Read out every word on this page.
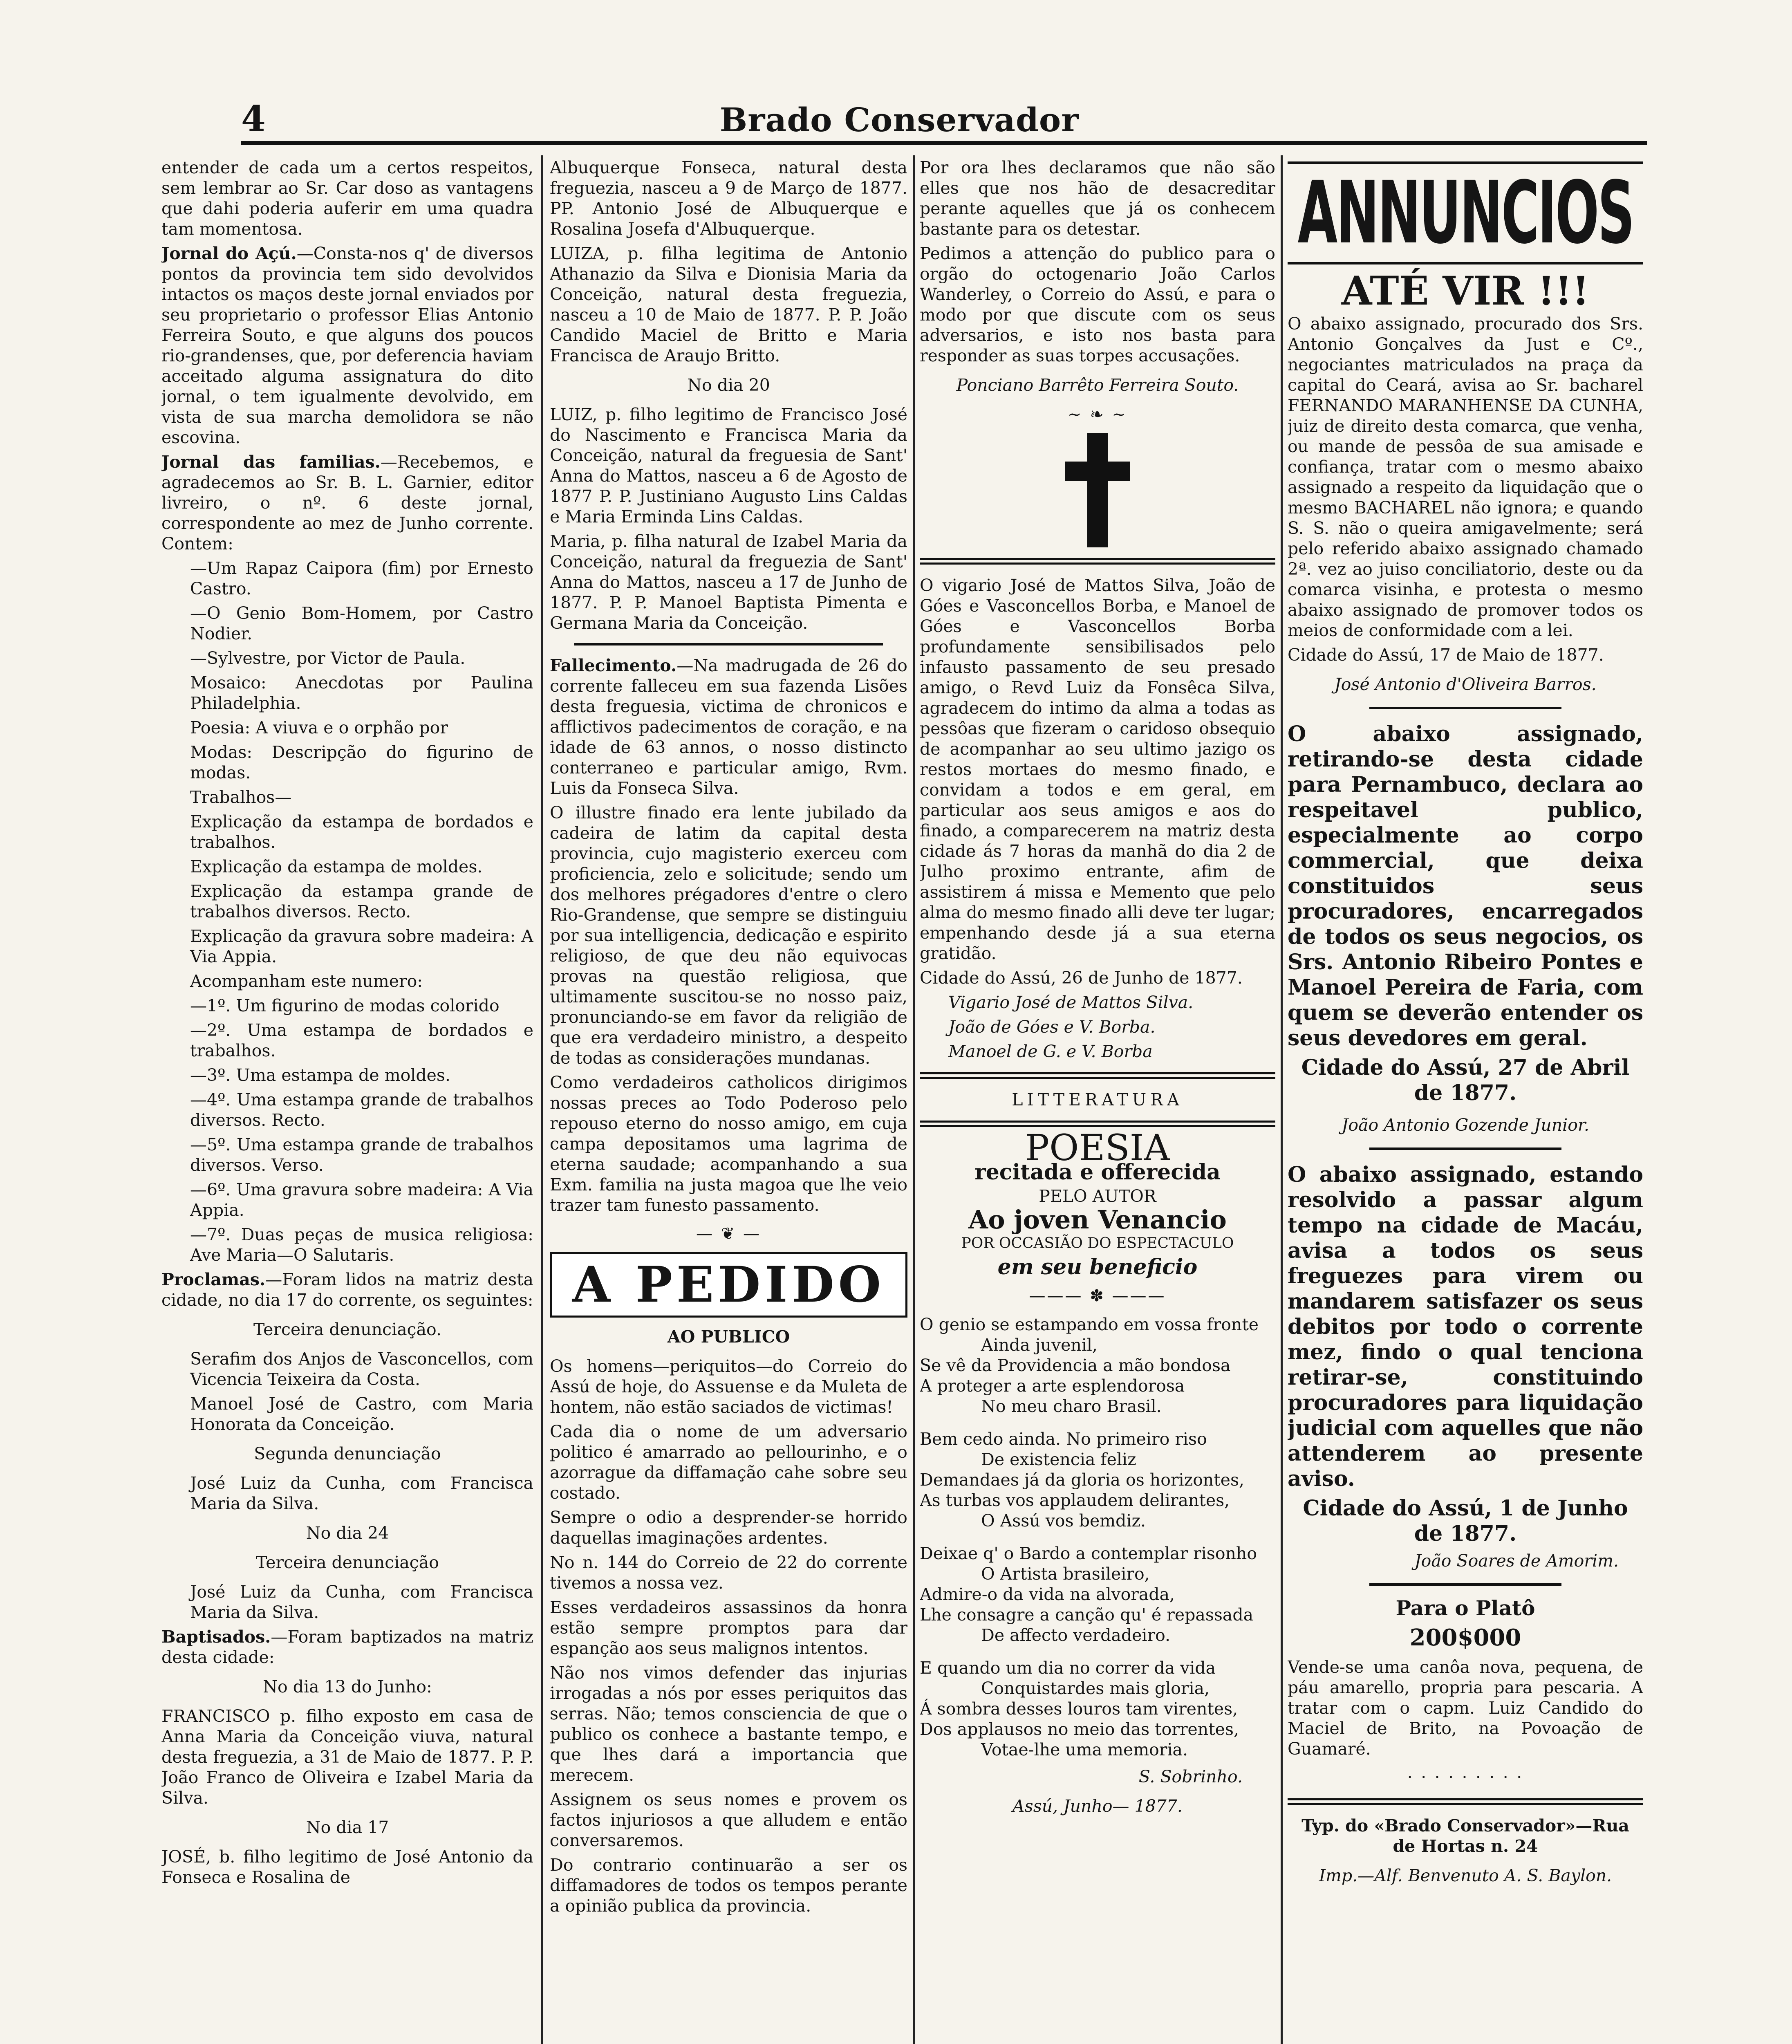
4	Brado Conservador

entender de cada um a certos respeitos, sem lembrar ao Sr. Car doso as vantagens que dahi poderia auferir em uma quadra tam momentosa.

Jornal do Açú.—Consta-nos q' de diversos pontos da provincia tem sido devolvidos intactos os maços deste jornal enviados por seu proprietario o professor Elias Antonio Ferreira Souto, e que alguns dos poucos rio-grandenses, que, por deferencia haviam acceitado alguma assignatura do dito jornal, o tem igualmente devolvido, em vista de sua marcha demolidora se não escovina.

Jornal das familias.—Recebemos, e agradecemos ao Sr. B. L. Garnier, editor livreiro, o nº. 6 deste jornal, correspondente ao mez de Junho corrente. Contem:

—Um Rapaz Caipora (fim) por Ernesto Castro.

—O Genio Bom-Homem, por Castro Nodier.

—Sylvestre, por Victor de Paula.

Mosaico: Anecdotas por Paulina Philadelphia.

Poesia: A viuva e o orphão por

Modas: Descripção do figurino de modas.

Trabalhos—

Explicação da estampa de bordados e trabalhos.

Explicação da estampa de moldes.

Explicação da estampa grande de trabalhos diversos. Recto.

Explicação da gravura sobre madeira: A Via Appia.

Acompanham este numero:

—1º. Um figurino de modas colorido

—2º. Uma estampa de bordados e trabalhos.

—3º. Uma estampa de moldes.

—4º. Uma estampa grande de trabalhos diversos. Recto.

—5º. Uma estampa grande de trabalhos diversos. Verso.

—6º. Uma gravura sobre madeira: A Via Appia.

—7º. Duas peças de musica religiosa: Ave Maria—O Salutaris.

Proclamas.—Foram lidos na matriz desta cidade, no dia 17 do corrente, os seguintes:

Terceira denunciação.

Serafim dos Anjos de Vasconcellos, com Vicencia Teixeira da Costa.

Manoel José de Castro, com Maria Honorata da Conceição.

Segunda denunciação

José Luiz da Cunha, com Francisca Maria da Silva.

No dia 24

Terceira denunciação

José Luiz da Cunha, com Francisca Maria da Silva.

Baptisados.—Foram baptizados na matriz desta cidade:

No dia 13 do Junho:

FRANCISCO p. filho exposto em casa de Anna Maria da Conceição viuva, natural desta freguezia, a 31 de Maio de 1877. P. P. João Franco de Oliveira e Izabel Maria da Silva.

No dia 17

JOSÉ, b. filho legitimo de José Antonio da Fonseca e Rosalina de

Albuquerque Fonseca, natural desta freguezia, nasceu a 9 de Março de 1877. PP. Antonio José de Albuquerque e Rosalina Josefa d'Albuquerque.

LUIZA, p. filha legitima de Antonio Athanazio da Silva e Dionisia Maria da Conceição, natural desta freguezia, nasceu a 10 de Maio de 1877. P. P. João Candido Maciel de Britto e Maria Francisca de Araujo Britto.

No dia 20

LUIZ, p. filho legitimo de Francisco José do Nascimento e Francisca Maria da Conceição, natural da freguesia de Sant' Anna do Mattos, nasceu a 6 de Agosto de 1877 P. P. Justiniano Augusto Lins Caldas e Maria Erminda Lins Caldas.

Maria, p. filha natural de Izabel Maria da Conceição, natural da freguezia de Sant' Anna do Mattos, nasceu a 17 de Junho de 1877. P. P. Manoel Baptista Pimenta e Germana Maria da Conceição.

Fallecimento.—Na madrugada de 26 do corrente falleceu em sua fazenda Lisões desta freguesia, victima de chronicos e afflictivos padecimentos de coração, e na idade de 63 annos, o nosso distincto conterraneo e particular amigo, Rvm. Luis da Fonseca Silva.

O illustre finado era lente jubilado da cadeira de latim da capital desta provincia, cujo magisterio exerceu com proficiencia, zelo e solicitude; sendo um dos melhores prégadores d'entre o clero Rio-Grandense, que sempre se distinguiu por sua intelligencia, dedicação e espirito religioso, de que deu não equivocas provas na questão religiosa, que ultimamente suscitou-se no nosso paiz, pronunciando-se em favor da religião de que era verdadeiro ministro, a despeito de todas as considerações mundanas.

Como verdadeiros catholicos dirigimos nossas preces ao Todo Poderoso pelo repouso eterno do nosso amigo, em cuja campa depositamos uma lagrima de eterna saudade; acompanhando a sua Exm. familia na justa magoa que lhe veio trazer tam funesto passamento.

— ❦ —
A PEDIDO

AO PUBLICO

Os homens—periquitos—do Correio do Assú de hoje, do Assuense e da Muleta de hontem, não estão saciados de victimas!

Cada dia o nome de um adversario politico é amarrado ao pellourinho, e o azorrague da diffamação cahe sobre seu costado.

Sempre o odio a desprender-se horrido daquellas imaginações ardentes.

No n. 144 do Correio de 22 do corrente tivemos a nossa vez.

Esses verdadeiros assassinos da honra estão sempre promptos para dar espanção aos seus malignos intentos.

Não nos vimos defender das injurias irrogadas a nós por esses periquitos das serras. Não; temos consciencia de que o publico os conhece a bastante tempo, e que lhes dará a importancia que merecem.

Assignem os seus nomes e provem os factos injuriosos a que alludem e então conversaremos.

Do contrario continuarão a ser os diffamadores de todos os tempos perante a opinião publica da provincia.

Por ora lhes declaramos que não são elles que nos hão de desacreditar perante aquelles que já os conhecem bastante para os detestar.

Pedimos a attenção do publico para o orgão do octogenario João Carlos Wanderley, o Correio do Assú, e para o modo por que discute com os seus adversarios, e isto nos basta para responder as suas torpes accusações.

Ponciano Barrêto Ferreira Souto.

~ ❧ ~

O vigario José de Mattos Silva, João de Góes e Vasconcellos Borba, e Manoel de Góes e Vasconcellos Borba profundamente sensibilisados pelo infausto passamento de seu presado amigo, o Revd Luiz da Fonsêca Silva, agradecem do intimo da alma a todas as pessôas que fizeram o caridoso obsequio de acompanhar ao seu ultimo jazigo os restos mortaes do mesmo finado, e convidam a todos e em geral, em particular aos seus amigos e aos do finado, a comparecerem na matriz desta cidade ás 7 horas da manhã do dia 2 de Julho proximo entrante, afim de assistirem á missa e Memento que pelo alma do mesmo finado alli deve ter lugar; empenhando desde já a sua eterna gratidão.

Cidade do Assú, 26 de Junho de 1877.

Vigario José de Mattos Silva.

João de Góes e V. Borba.

Manoel de G. e V. Borba

LITTERATURA

POESIA

recitada e offerecida

PELO AUTOR

Ao joven Venancio

POR OCCASIÃO DO ESPECTACULO

em seu beneficio

——— ✽ ———

O genio se estampando em vossa fronte

Ainda juvenil,

Se vê da Providencia a mão bondosa

A proteger a arte esplendorosa

No meu charo Brasil.

Bem cedo ainda. No primeiro riso

De existencia feliz

Demandaes já da gloria os horizontes,

As turbas vos applaudem delirantes,

O Assú vos bemdiz.

Deixae q' o Bardo a contemplar risonho

O Artista brasileiro,

Admire-o da vida na alvorada,

Lhe consagre a canção qu' é repassada

De affecto verdadeiro.

E quando um dia no correr da vida

Conquistardes mais gloria,

Á sombra desses louros tam virentes,

Dos applausos no meio das torrentes,

Votae-lhe uma memoria.

S. Sobrinho.

Assú, Junho— 1877.

ANNUNCIOS
ATÉ VIR !!!

O abaixo assignado, procurado dos Srs. Antonio Gonçalves da Just e Cº., negociantes matriculados na praça da capital do Ceará, avisa ao Sr. bacharel FERNANDO MARANHENSE DA CUNHA, juiz de direito desta comarca, que venha, ou mande de pessôa de sua amisade e confiança, tratar com o mesmo abaixo assignado a respeito da liquidação que o mesmo BACHAREL não ignora; e quando S. S. não o queira amigavelmente; será pelo referido abaixo assignado chamado 2ª. vez ao juiso conciliatorio, deste ou da comarca visinha, e protesta o mesmo abaixo assignado de promover todos os meios de conformidade com a lei.

Cidade do Assú, 17 de Maio de 1877.

José Antonio d'Oliveira Barros.

O abaixo assignado, retirando-se desta cidade para Pernambuco, declara ao respeitavel publico, especialmente ao corpo commercial, que deixa constituidos seus procuradores, encarregados de todos os seus negocios, os Srs. Antonio Ribeiro Pontes e Manoel Pereira de Faria, com quem se deverão entender os seus devedores em geral.

Cidade do Assú, 27 de Abril de 1877.

João Antonio Gozende Junior.

O abaixo assignado, estando resolvido a passar algum tempo na cidade de Macáu, avisa a todos os seus freguezes para virem ou mandarem satisfazer os seus debitos por todo o corrente mez, findo o qual tenciona retirar-se, constituindo procuradores para liquidação judicial com aquelles que não attenderem ao presente aviso.

Cidade do Assú, 1 de Junho de 1877.

João Soares de Amorim.

Para o Platô

200$000

Vende-se uma canôa nova, pequena, de páu amarello, propria para pescaria. A tratar com o capm. Luiz Candido do Maciel de Brito, na Povoação de Guamaré.

· · · · · · · · ·

Typ. do «Brado Conservador»—Rua de Hortas n. 24

Imp.—Alf. Benvenuto A. S. Baylon.
